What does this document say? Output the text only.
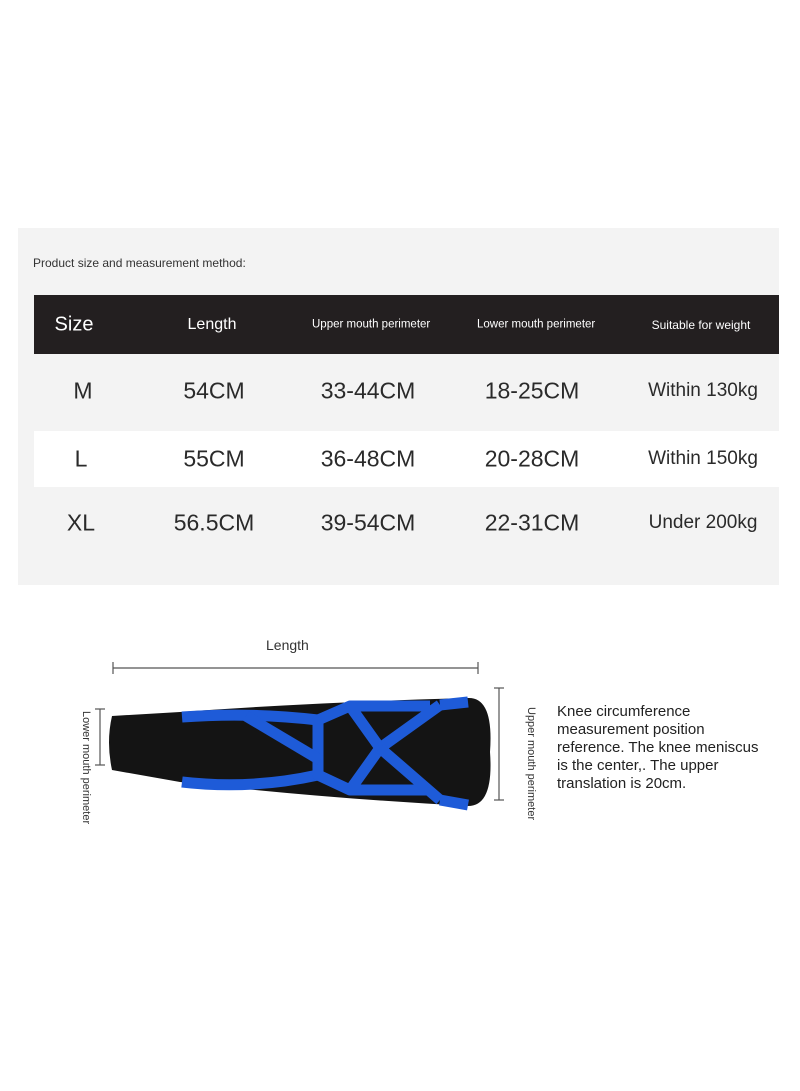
Product size and measurement method:
Size	Length	Upper mouth perimeter	Lower mouth perimeter	Suitable for weight
M	54CM	33-44CM	18-25CM	Within 130kg
L	55CM	36-48CM	20-28CM	Within 150kg
XL	56.5CM	39-54CM	22-31CM	Under 200kg
Length
Lower mouth perimeter	Upper mouth perimeter Knee circumference measurement position reference. The knee meniscus is the center,. The upper translation is 20cm.
